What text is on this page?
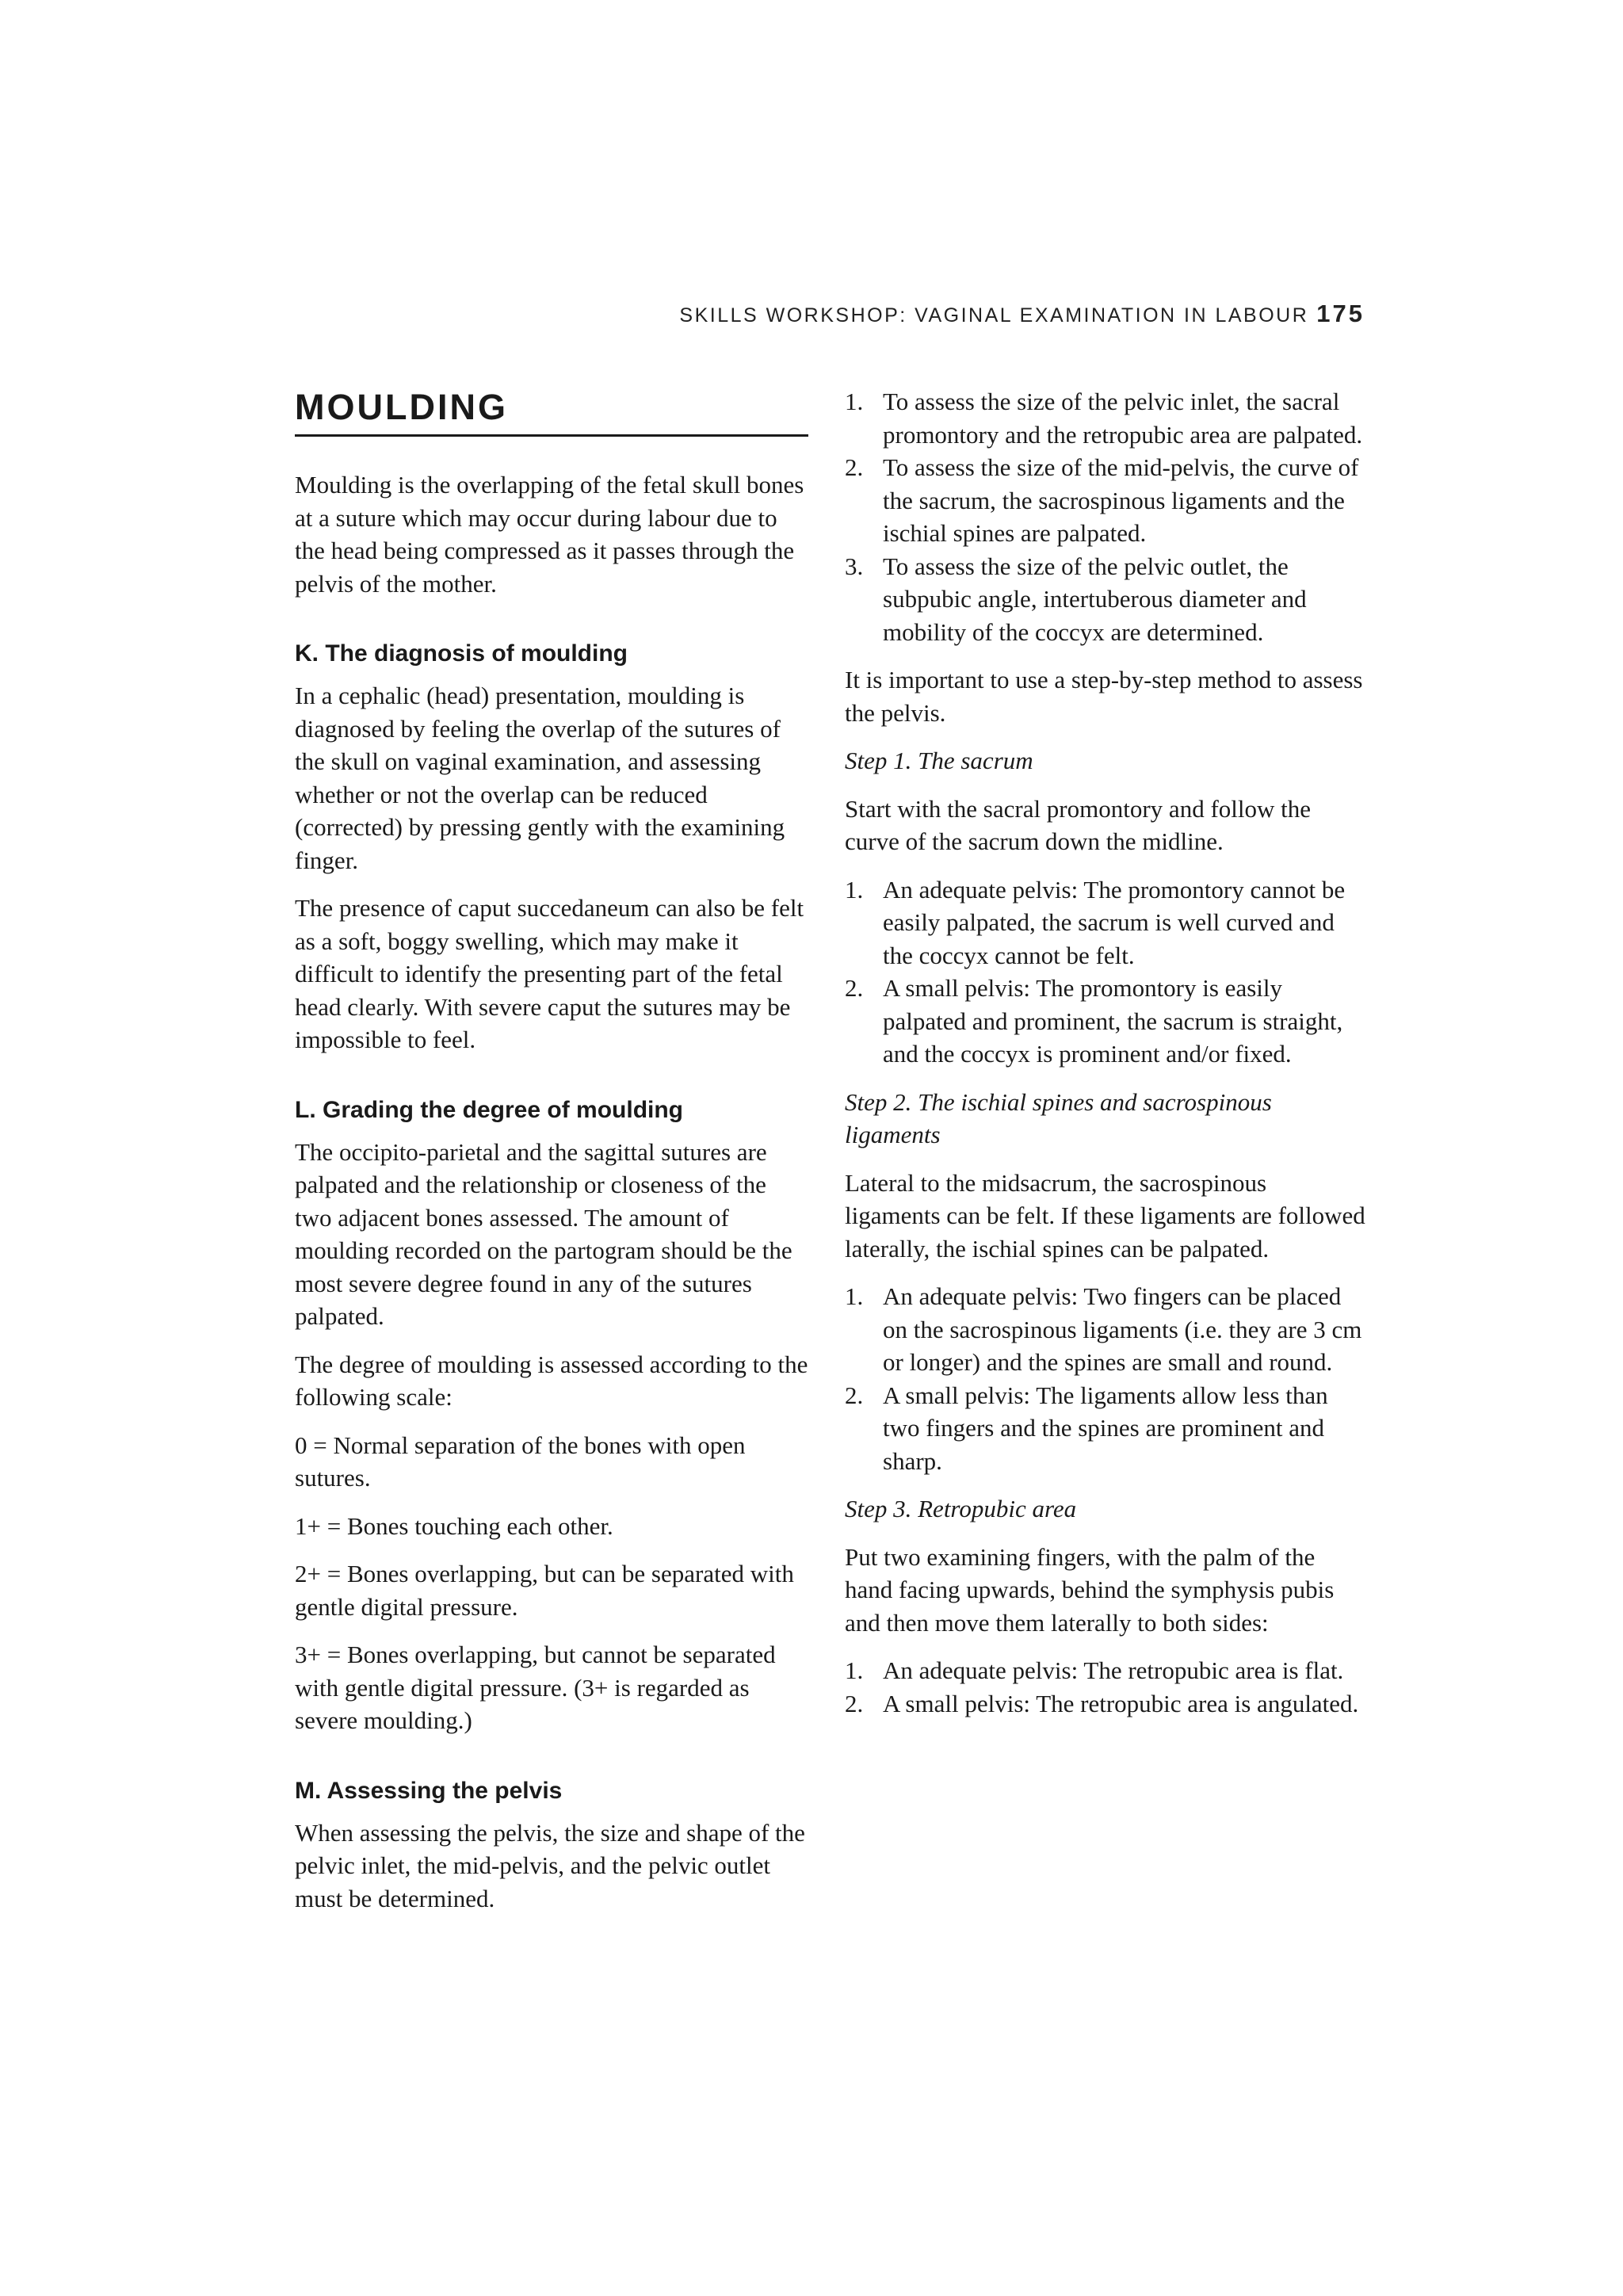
SKILLS WORKSHOP: VAGINAL EXAMINATION IN LABOUR 175
MOULDING

Moulding is the overlapping of the fetal skull bones at a suture which may occur during labour due to the head being compressed as it passes through the pelvis of the mother.

K. The diagnosis of moulding

In a cephalic (head) presentation, moulding is diagnosed by feeling the overlap of the sutures of the skull on vaginal examination, and assessing whether or not the overlap can be reduced (corrected) by pressing gently with the examining finger.

The presence of caput succedaneum can also be felt as a soft, boggy swelling, which may make it difficult to identify the presenting part of the fetal head clearly. With severe caput the sutures may be impossible to feel.

L. Grading the degree of moulding

The occipito-parietal and the sagittal sutures are palpated and the relationship or closeness of the two adjacent bones assessed. The amount of moulding recorded on the partogram should be the most severe degree found in any of the sutures palpated.

The degree of moulding is assessed according to the following scale:

0 = Normal separation of the bones with open sutures.

1+ = Bones touching each other.

2+ = Bones overlapping, but can be separated with gentle digital pressure.

3+ = Bones overlapping, but cannot be separated with gentle digital pressure. (3+ is regarded as severe moulding.)

M. Assessing the pelvis

When assessing the pelvis, the size and shape of the pelvic inlet, the mid-pelvis, and the pelvic outlet must be determined.

1. To assess the size of the pelvic inlet, the sacral promontory and the retropubic area are palpated.
2. To assess the size of the mid-pelvis, the curve of the sacrum, the sacrospinous ligaments and the ischial spines are palpated.
3. To assess the size of the pelvic outlet, the subpubic angle, intertuberous diameter and mobility of the coccyx are determined.

It is important to use a step-by-step method to assess the pelvis.

Step 1. The sacrum

Start with the sacral promontory and follow the curve of the sacrum down the midline.

1. An adequate pelvis: The promontory cannot be easily palpated, the sacrum is well curved and the coccyx cannot be felt.
2. A small pelvis: The promontory is easily palpated and prominent, the sacrum is straight, and the coccyx is prominent and/or fixed.

Step 2. The ischial spines and sacrospinous ligaments

Lateral to the midsacrum, the sacrospinous ligaments can be felt. If these ligaments are followed laterally, the ischial spines can be palpated.

1. An adequate pelvis: Two fingers can be placed on the sacrospinous ligaments (i.e. they are 3 cm or longer) and the spines are small and round.
2. A small pelvis: The ligaments allow less than two fingers and the spines are prominent and sharp.

Step 3. Retropubic area

Put two examining fingers, with the palm of the hand facing upwards, behind the symphysis pubis and then move them laterally to both sides:

1. An adequate pelvis: The retropubic area is flat.
2. A small pelvis: The retropubic area is angulated.
